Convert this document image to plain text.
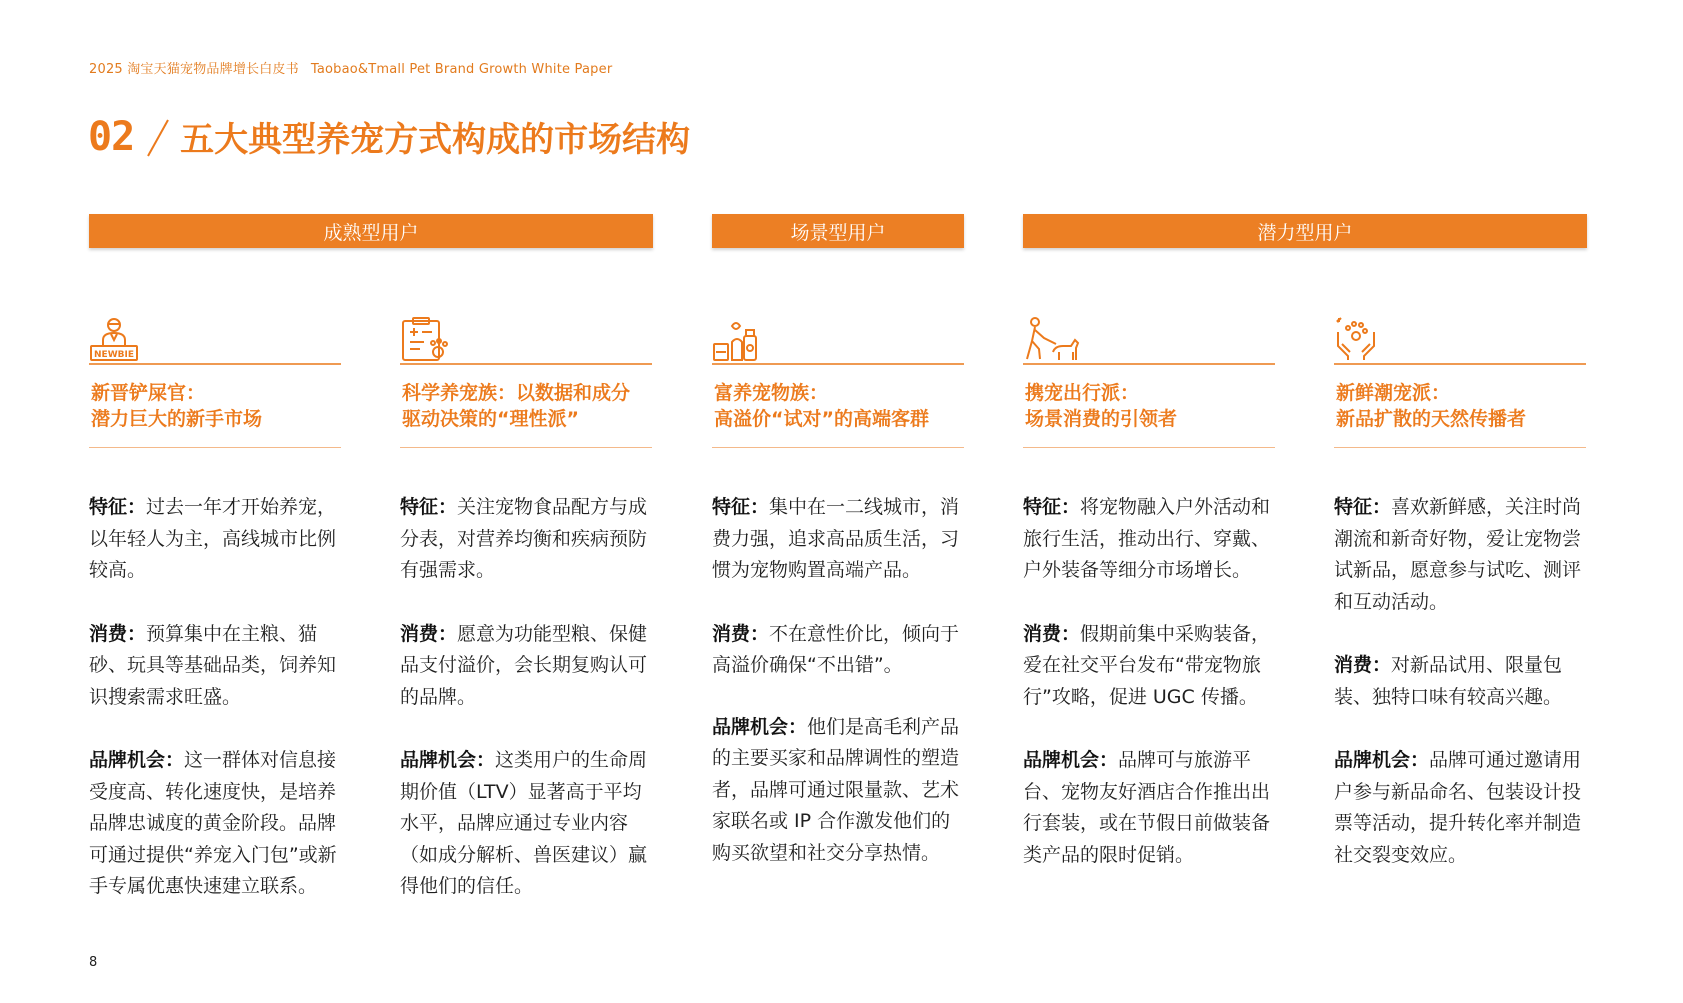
2025 淘宝天猫宠物品牌增长白皮书 Taobao&Tmall Pet Brand Growth White Paper
02 五大典型养宠方式构成的市场结构
成熟型用户	场景型用户	潜力型用户
NEWBIE
新晋铲屎官：
潜力巨大的新手市场

特征：过去一年才开始养宠，以年轻人为主，高线城市比例较高。

消费：预算集中在主粮、猫砂、玩具等基础品类，饲养知识搜索需求旺盛。

品牌机会：这一群体对信息接受度高、转化速度快，是培养品牌忠诚度的黄金阶段。品牌可通过提供“养宠入门包”或新手专属优惠快速建立联系。

科学养宠族：以数据和成分
驱动决策的“理性派”

特征：关注宠物食品配方与成分表，对营养均衡和疾病预防有强需求。

消费：愿意为功能型粮、保健品支付溢价，会长期复购认可的品牌。

品牌机会：这类用户的生命周期价值（LTV）显著高于平均水平，品牌应通过专业内容（如成分解析、兽医建议）赢得他们的信任。

富养宠物族：
高溢价“试对”的高端客群

特征：集中在一二线城市，消费力强，追求高品质生活，习惯为宠物购置高端产品。

消费：不在意性价比，倾向于高溢价确保“不出错”。

品牌机会：他们是高毛利产品的主要买家和品牌调性的塑造者，品牌可通过限量款、艺术家联名或 IP 合作激发他们的购买欲望和社交分享热情。

携宠出行派：
场景消费的引领者

特征：将宠物融入户外活动和旅行生活，推动出行、穿戴、户外装备等细分市场增长。

消费：假期前集中采购装备，爱在社交平台发布“带宠物旅行”攻略，促进 UGC 传播。

品牌机会：品牌可与旅游平台、宠物友好酒店合作推出出行套装，或在节假日前做装备类产品的限时促销。

新鲜潮宠派：
新品扩散的天然传播者

特征：喜欢新鲜感，关注时尚潮流和新奇好物，爱让宠物尝试新品，愿意参与试吃、测评和互动活动。

消费：对新品试用、限量包装、独特口味有较高兴趣。

品牌机会：品牌可通过邀请用户参与新品命名、包装设计投票等活动，提升转化率并制造社交裂变效应。

8
